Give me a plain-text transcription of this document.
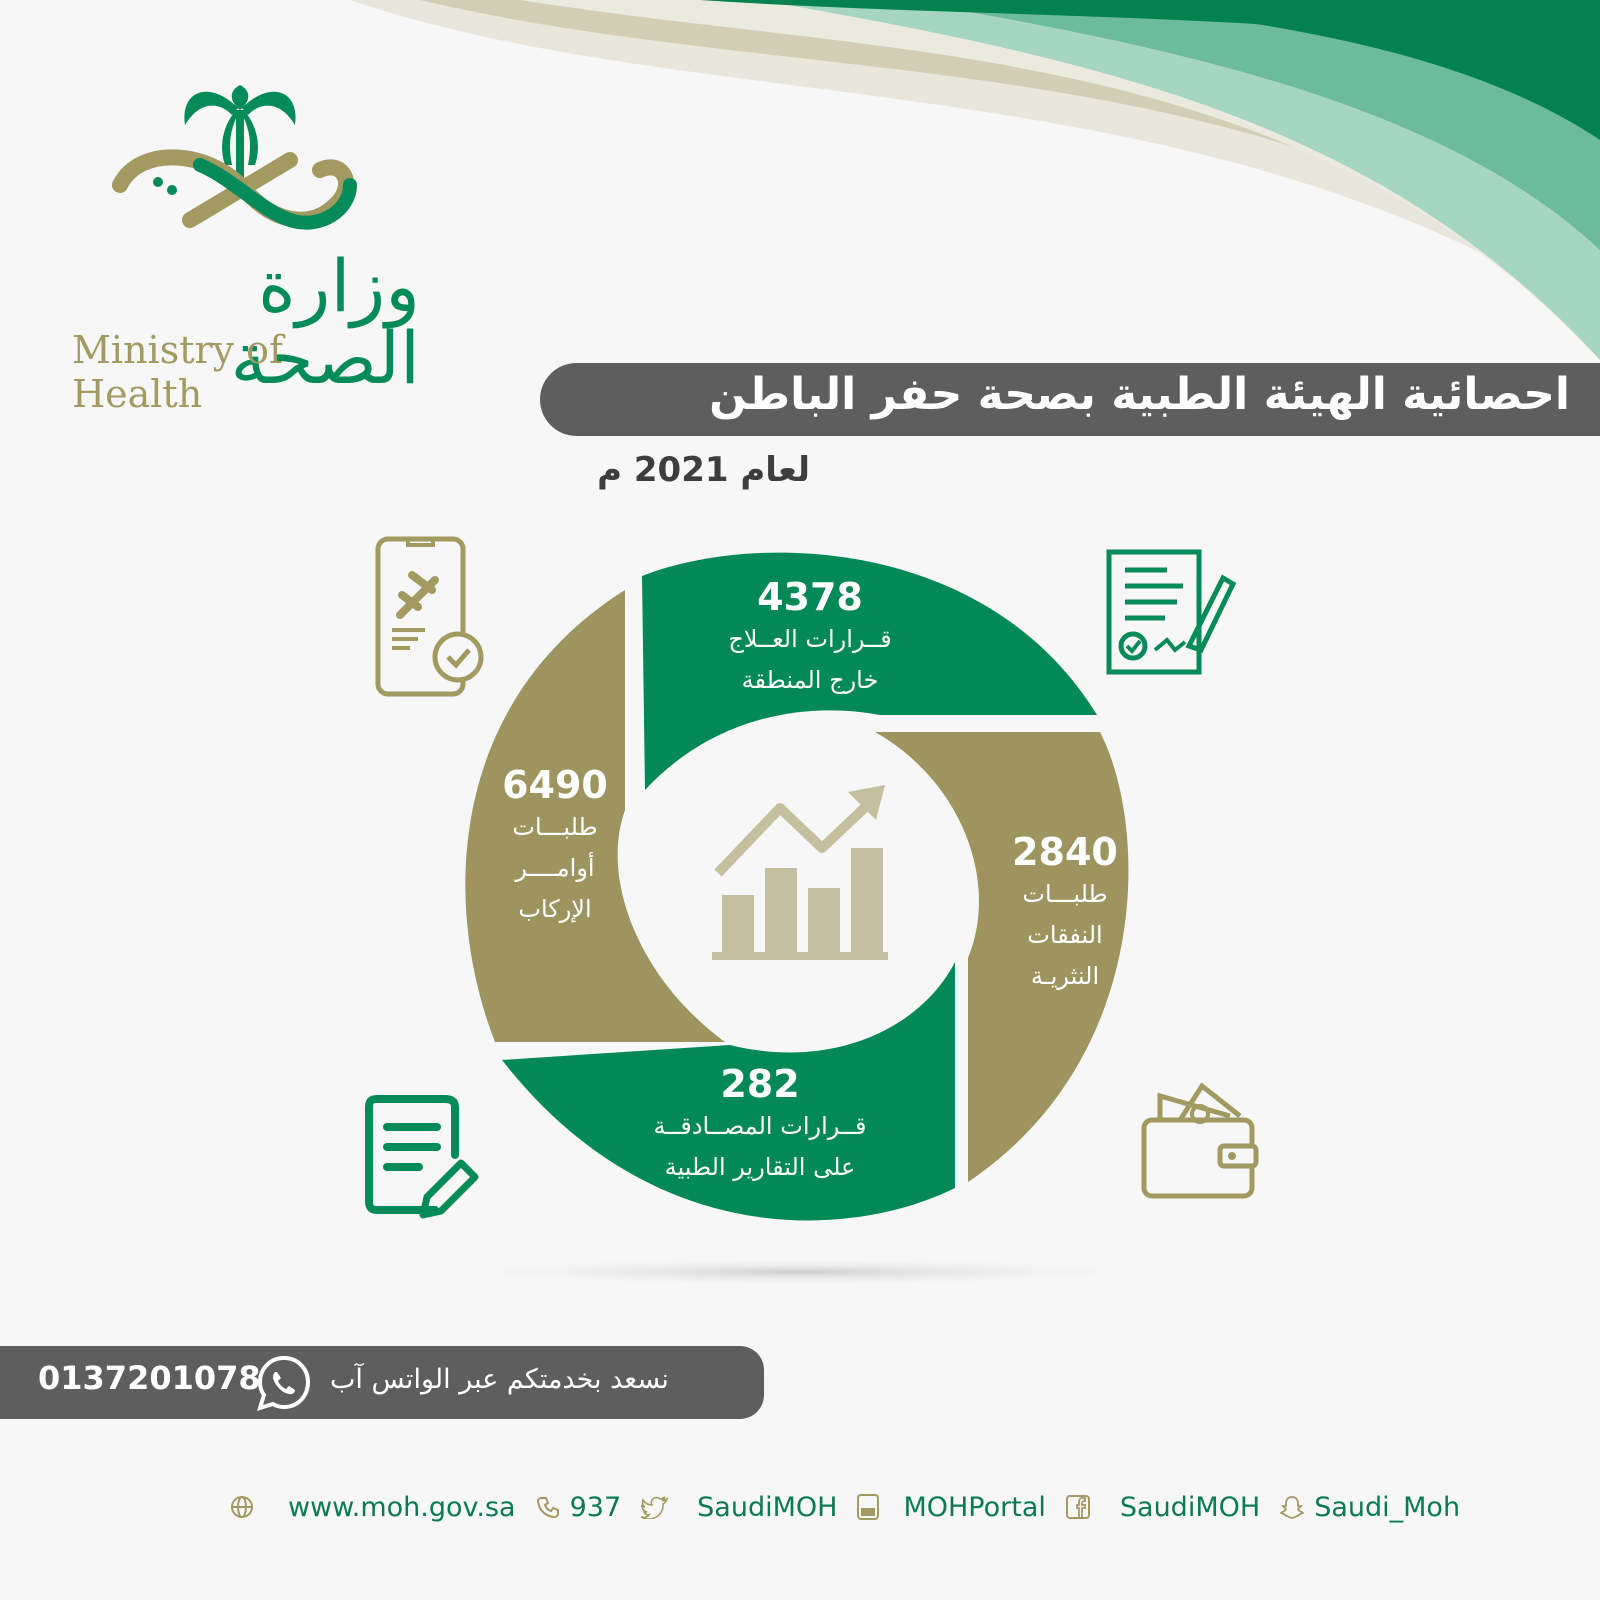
وزارة الصحة
Ministry of Health	احصائية الهيئة الطبية بصحة حفر الباطن
لعام 2021 م
4378
قــرارات العــلاج
خارج المنطقة
2840
طلبـــات
النفقات
النثريـة
282
قــرارات المصــادقــة
على التقارير الطبية
6490
طلبـــات
أوامــــر
الإركاب
0137201078	نسعد بخدمتكم عبر الواتس آب
www.moh.gov.sa 937	SaudiMOH MOHPortal	SaudiMOH Saudi_Moh
